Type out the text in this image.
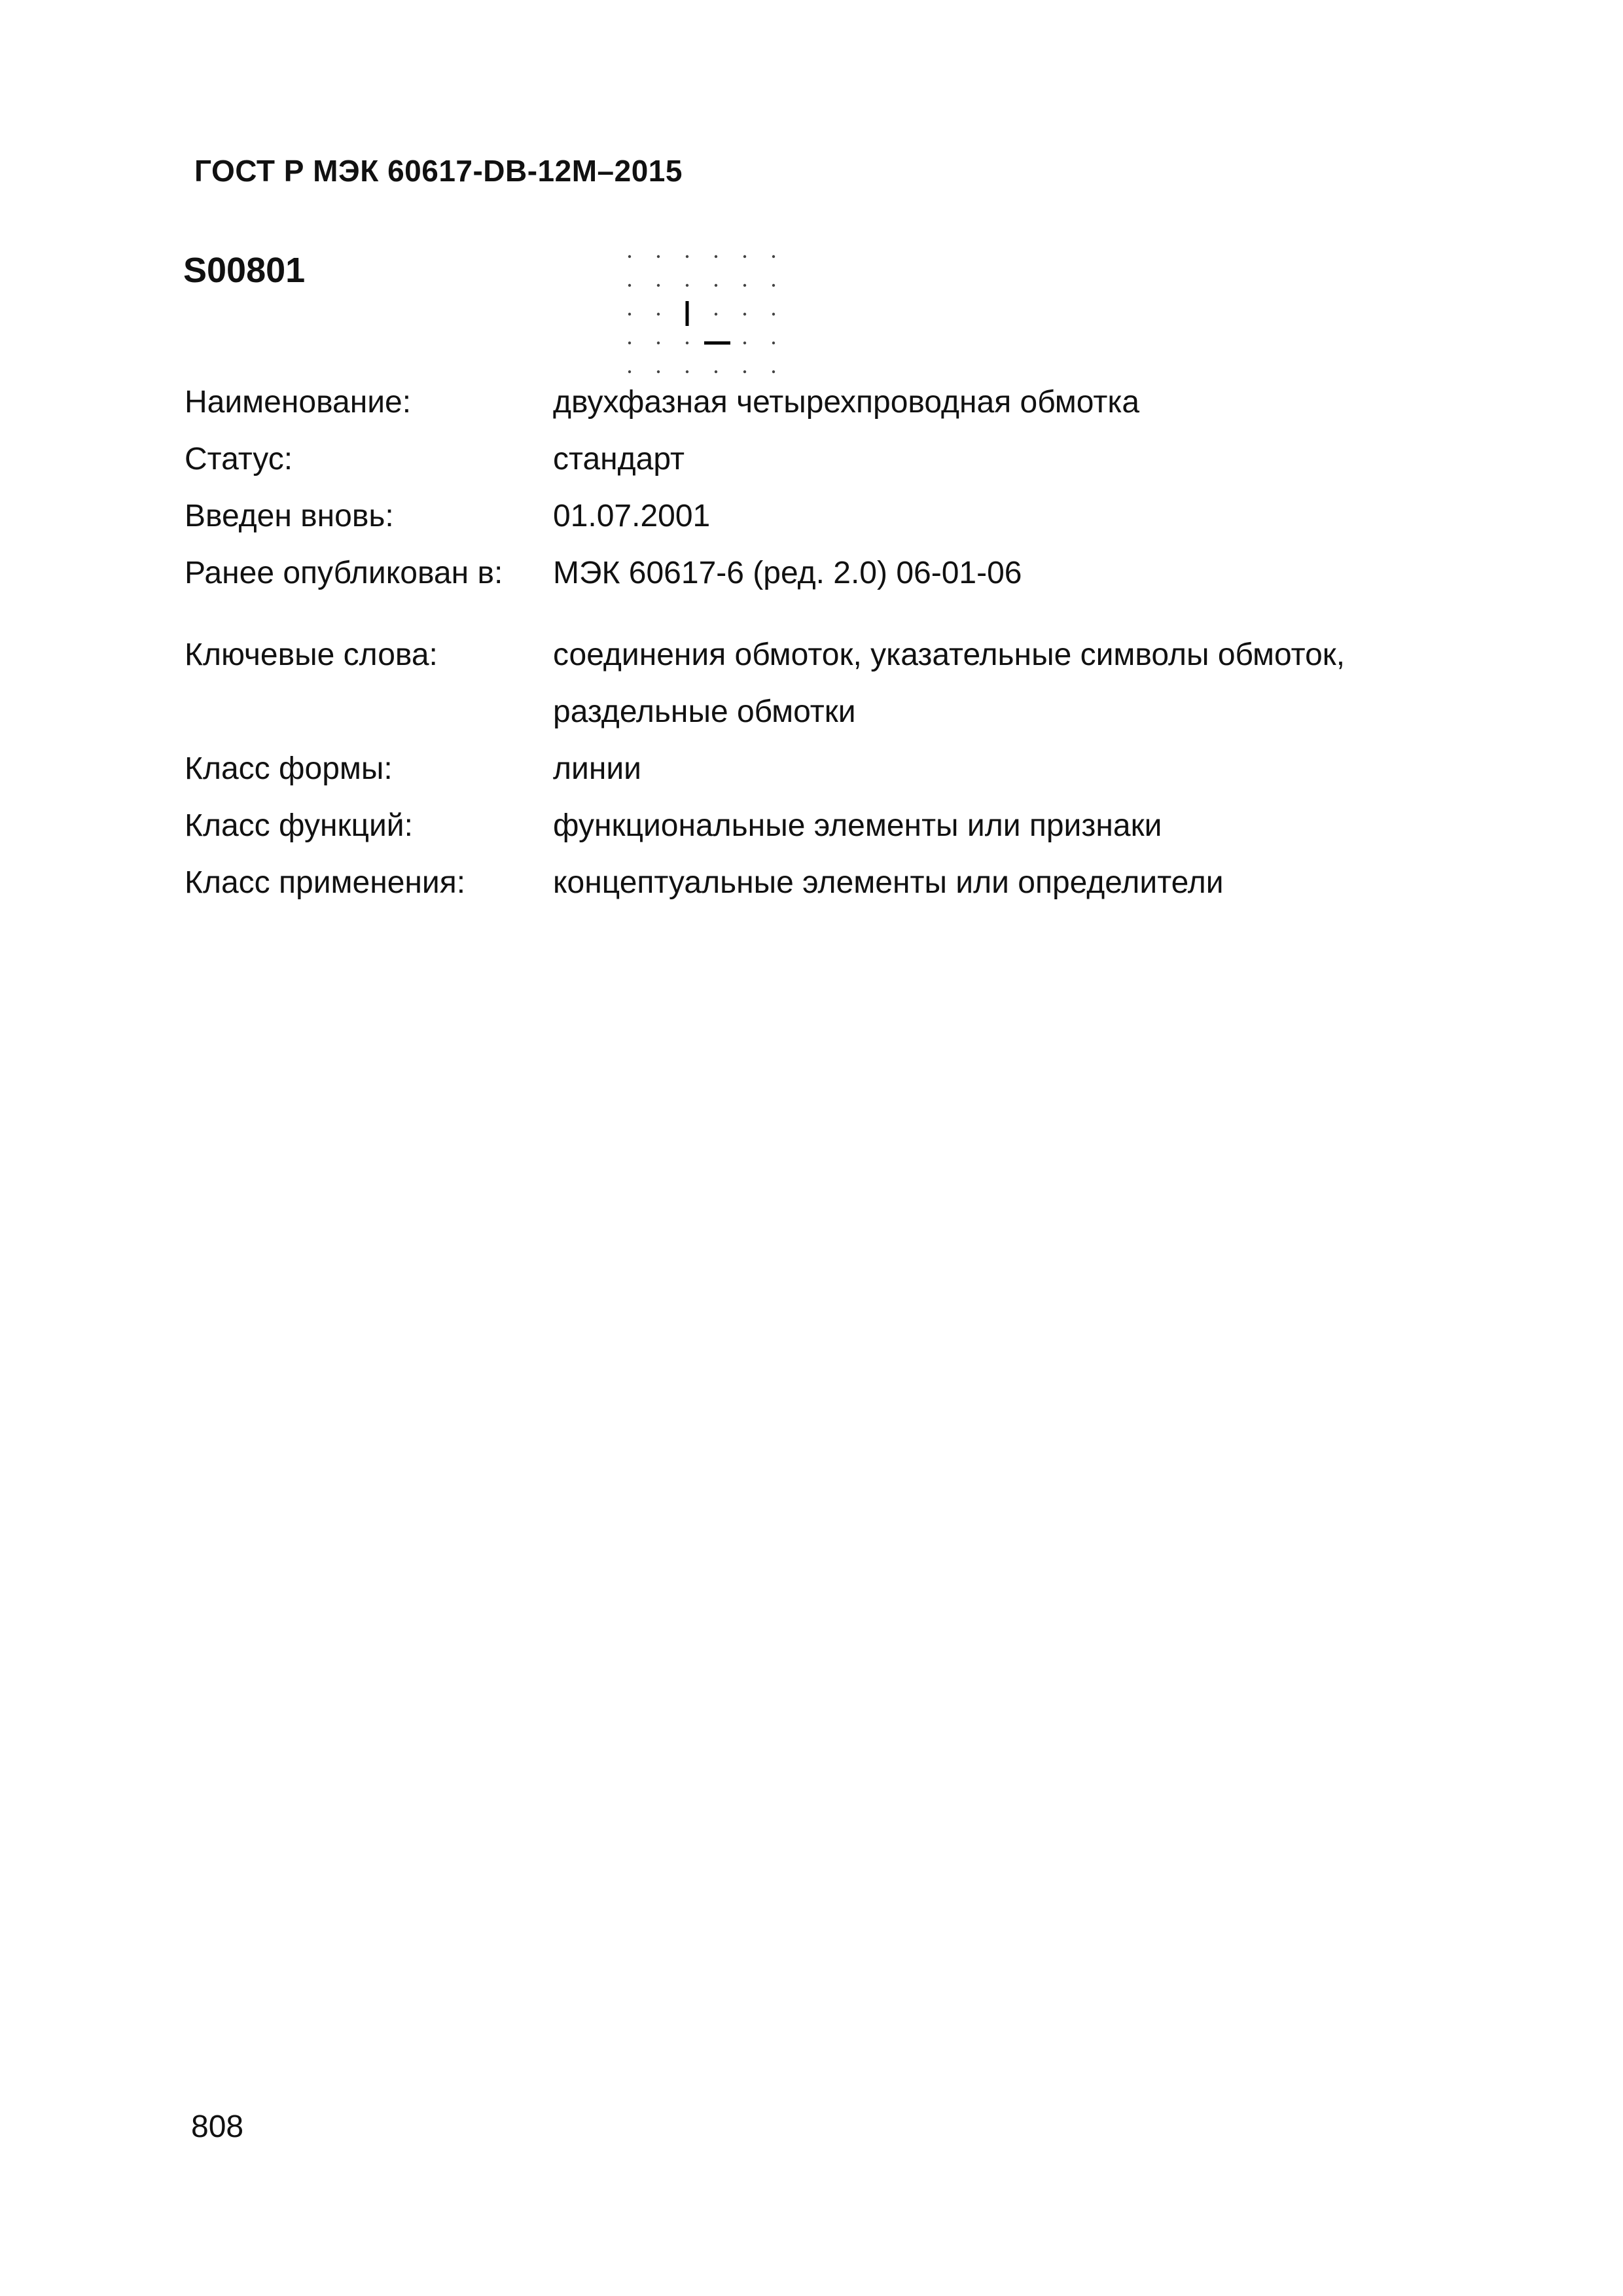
ГОСТ Р МЭК 60617-DB-12M–2015
S00801
Наименование:	двухфазная четырехпроводная обмотка
Статус:	стандарт
Введен вновь:	01.07.2001
Ранее опубликован в: МЭК 60617-6 (ред. 2.0) 06-01-06
Ключевые слова:	соединения обмоток, указательные символы обмоток,
раздельные обмотки
Класс формы:	линии
Класс функций:	функциональные элементы или признаки
Класс применения:	концептуальные элементы или определители
808
